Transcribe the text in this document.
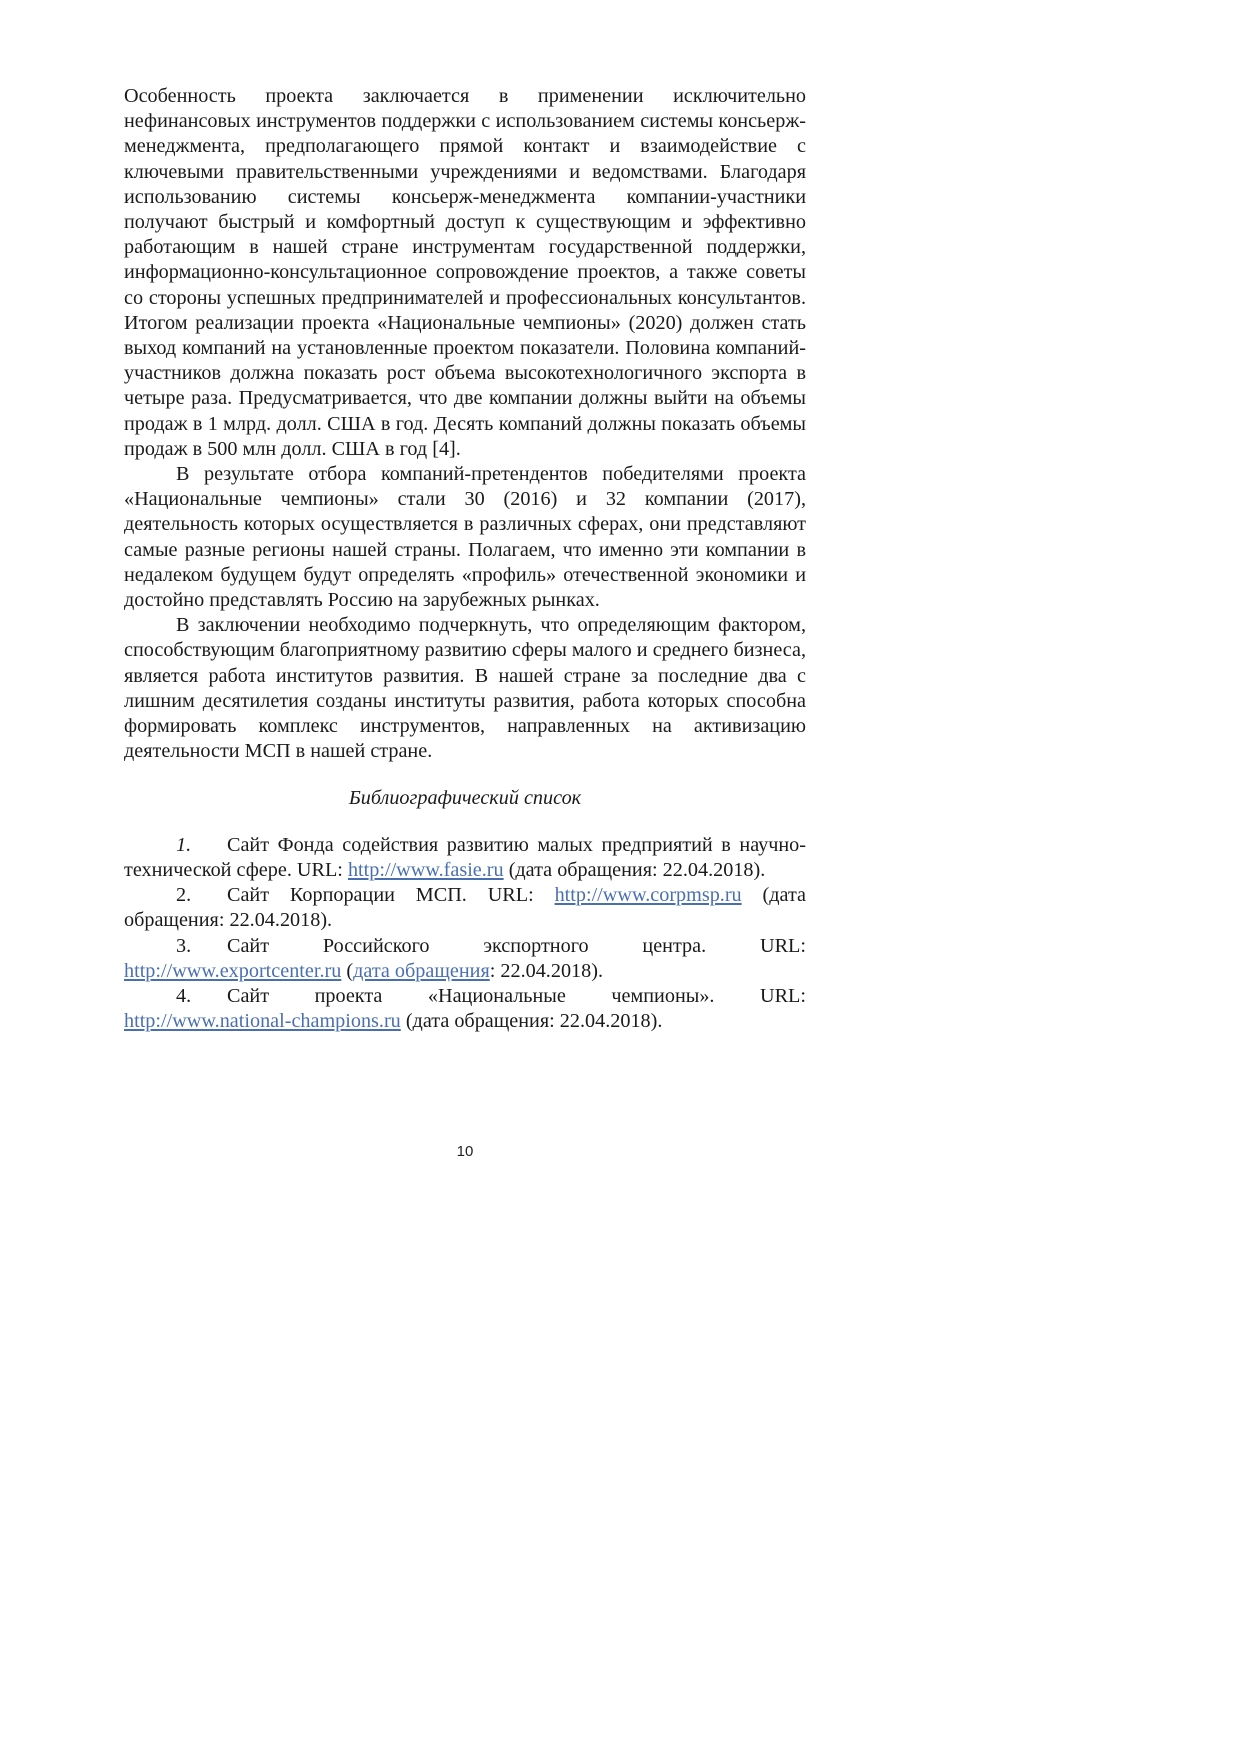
Особенность проекта заключается в применении исключительно нефинансовых инструментов поддержки с использованием системы консьерж-менеджмента, предполагающего прямой контакт и взаимодействие с ключевыми правительственными учреждениями и ведомствами. Благодаря использованию системы консьерж-менеджмента компании-участники получают быстрый и комфортный доступ к существующим и эффективно работающим в нашей стране инструментам государственной поддержки, информационно-консультационное сопровождение проектов, а также советы со стороны успешных предпринимателей и профессиональных консультантов. Итогом реализации проекта «Национальные чемпионы» (2020) должен стать выход компаний на установленные проектом показатели. Половина компаний-участников должна показать рост объема высокотехнологичного экспорта в четыре раза. Предусматривается, что две компании должны выйти на объемы продаж в 1 млрд. долл. США в год. Десять компаний должны показать объемы продаж в 500 млн долл. США в год [4].

В результате отбора компаний-претендентов победителями проекта «Национальные чемпионы» стали 30 (2016) и 32 компании (2017), деятельность которых осуществляется в различных сферах, они представляют самые разные регионы нашей страны. Полагаем, что именно эти компании в недалеком будущем будут определять «профиль» отечественной экономики и достойно представлять Россию на зарубежных рынках.

В заключении необходимо подчеркнуть, что определяющим фактором, способствующим благоприятному развитию сферы малого и среднего бизнеса, является работа институтов развития. В нашей стране за последние два с лишним десятилетия созданы институты развития, работа которых способна формировать комплекс инструментов, направленных на активизацию деятельности МСП в нашей стране.

Библиографический список
1. Сайт Фонда содействия развитию малых предприятий в научно-технической сфере. URL: http://www.fasie.ru (дата обращения: 22.04.2018).
2. Сайт Корпорации МСП. URL: http://www.corpmsp.ru (дата обращения: 22.04.2018).
3. Сайт Российского экспортного центра. URL: http://www.exportcenter.ru (дата обращения: 22.04.2018).
4. Сайт проекта «Национальные чемпионы». URL: http://www.national-champions.ru (дата обращения: 22.04.2018).
10
